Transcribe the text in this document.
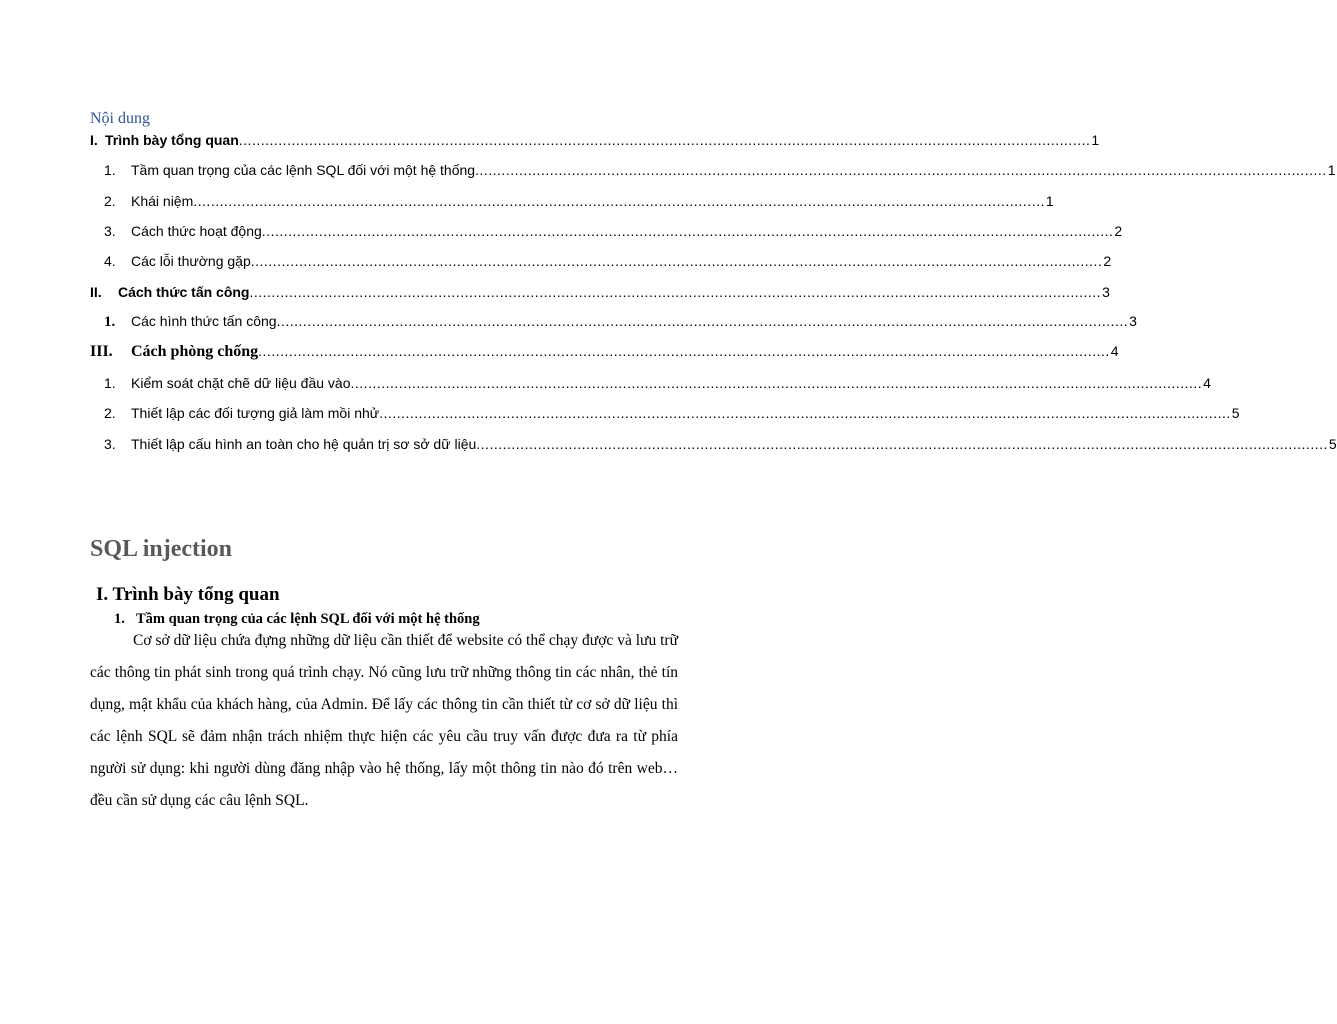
Nội dung
I. Trình bày tổng quan .................................................................................................................................................................................................. 1
1.	Tầm quan trọng của các lệnh SQL đối với một hệ thống .................................................................................................................................................................................................. 1
2.	Khái niệm .................................................................................................................................................................................................. 1
3.	Cách thức hoạt động .................................................................................................................................................................................................. 2
4.	Các lỗi thường gặp .................................................................................................................................................................................................. 2
II.	Cách thức tấn công .................................................................................................................................................................................................. 3
1.	Các hình thức tấn công .................................................................................................................................................................................................. 3
III.	Cách phòng chống .................................................................................................................................................................................................. 4
1.	Kiểm soát chặt chẽ dữ liệu đầu vào .................................................................................................................................................................................................. 4
2.	Thiết lập các đối tượng giả làm mồi nhử .................................................................................................................................................................................................. 5
3.	Thiết lập cấu hình an toàn cho hệ quản trị sơ sở dữ liệu .................................................................................................................................................................................................. 5
SQL injection
I. Trình bày tổng quan
1. Tầm quan trọng của các lệnh SQL đối với một hệ thống

Cơ sở dữ liệu chứa đựng những dữ liệu cần thiết để website có thể chạy được và lưu trữ các thông tin phát sinh trong quá trình chạy. Nó cũng lưu trữ những thông tin các nhân, thẻ tín dụng, mật khẩu của khách hàng, của Admin. Để lấy các thông tin cần thiết từ cơ sở dữ liệu thì các lệnh SQL sẽ đảm nhận trách nhiệm thực hiện các yêu cầu truy vấn được đưa ra từ phía người sử dụng: khi người dùng đăng nhập vào hệ thống, lấy một thông tin nào đó trên web…đều cần sử dụng các câu lệnh SQL.
